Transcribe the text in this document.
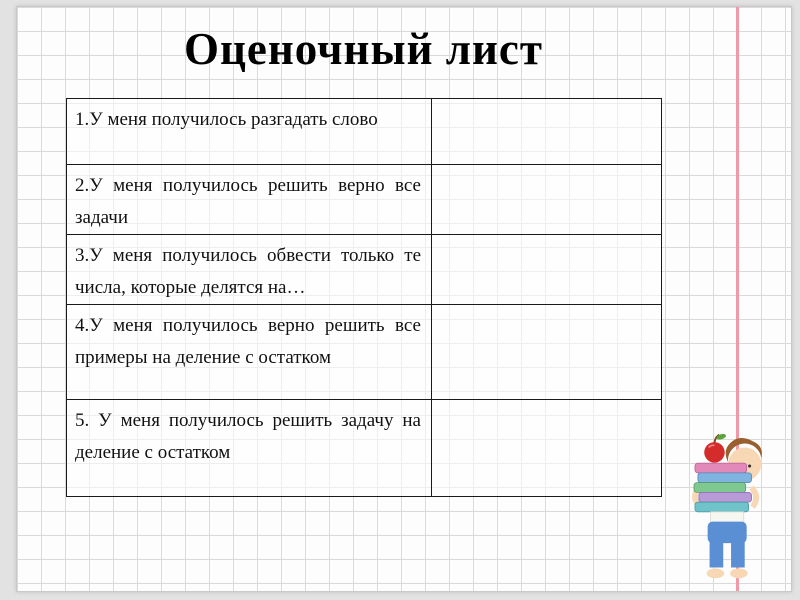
Оценочный лист
1.У меня получилось разгадать слово	
2.У меня получилось решить верно все задачи	
3.У меня получилось обвести только те числа, которые делятся на…	
4.У меня получилось верно решить все примеры на деление с остатком	
5. У меня получилось решить задачу на деление с остатком	
